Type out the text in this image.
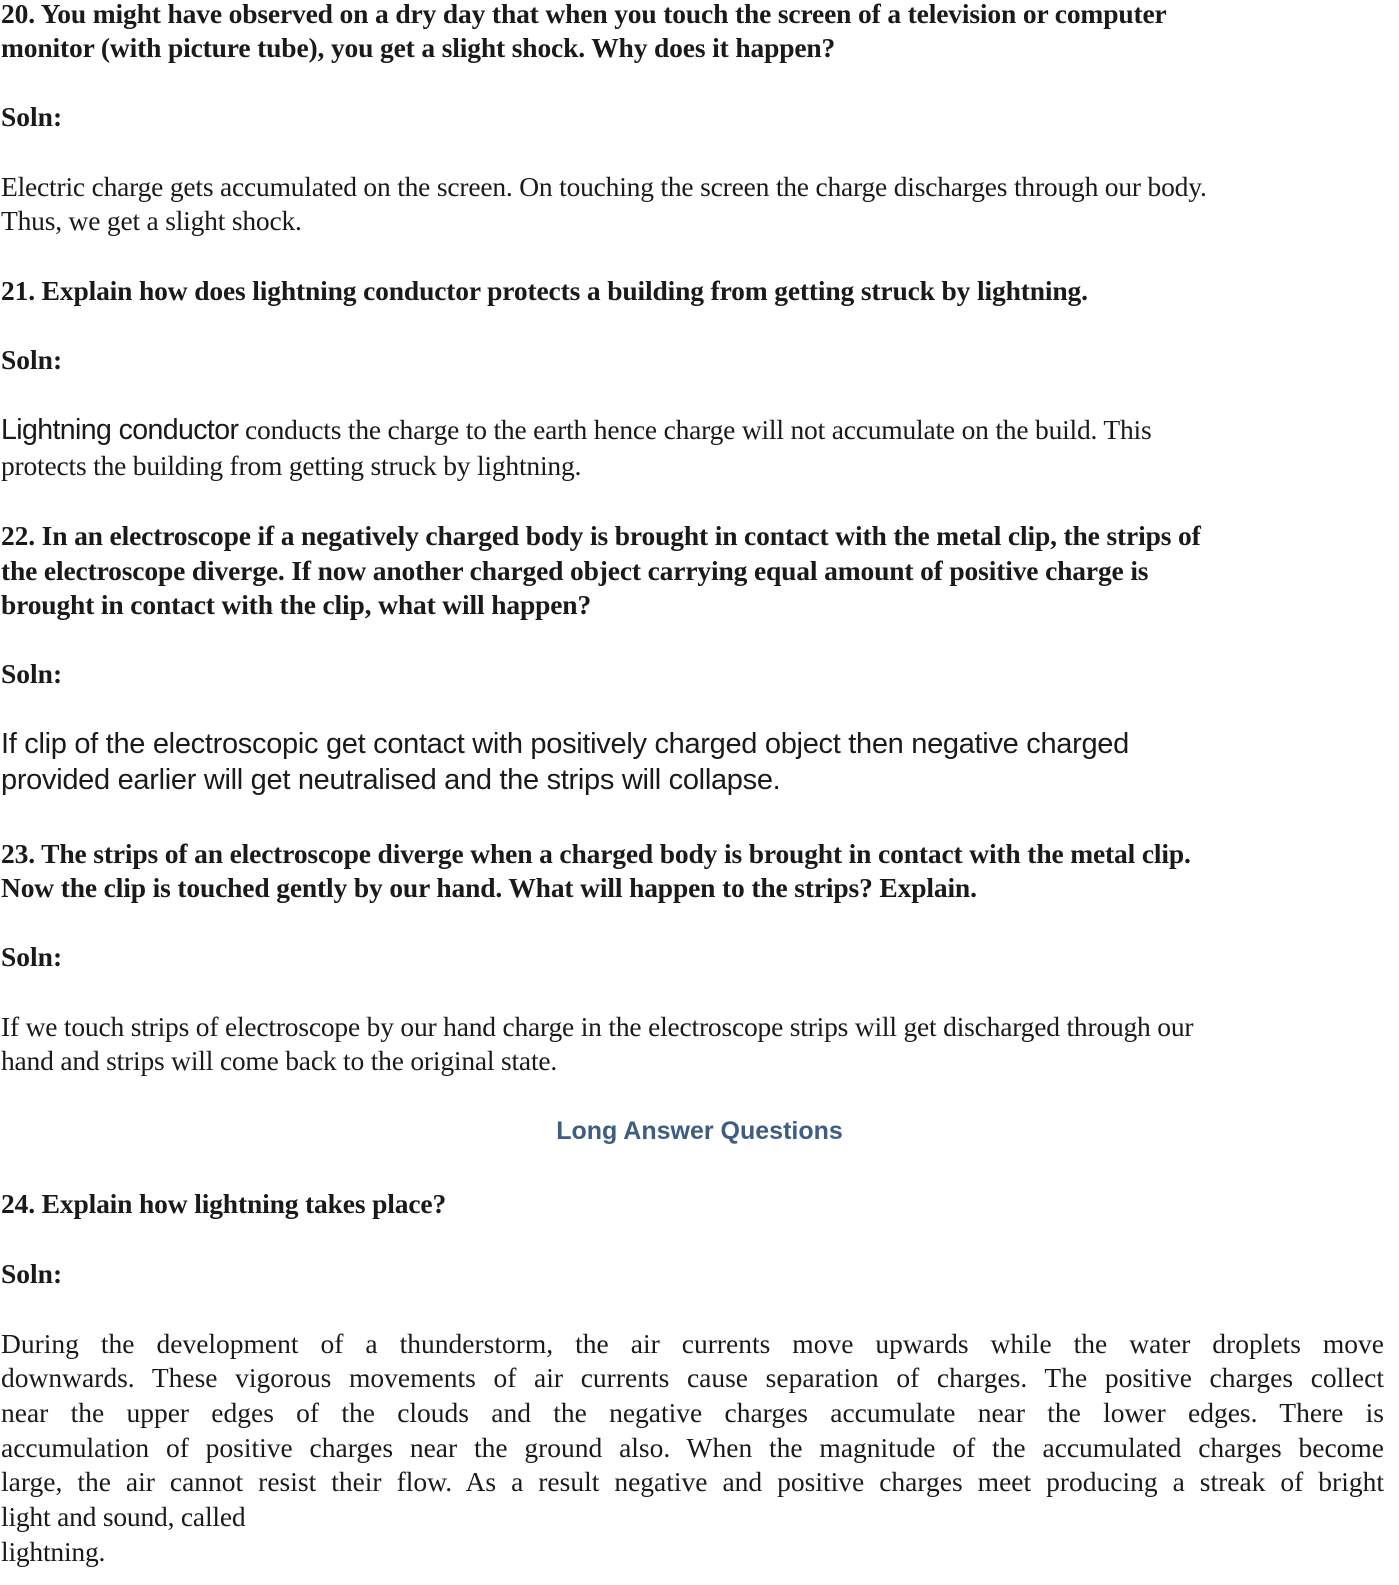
20. You might have observed on a dry day that when you touch the screen of a television or computer

monitor (with picture tube), you get a slight shock. Why does it happen?

Soln:

Electric charge gets accumulated on the screen. On touching the screen the charge discharges through our body.

Thus, we get a slight shock.

21. Explain how does lightning conductor protects a building from getting struck by lightning.

Soln:

Lightning conductor conducts the charge to the earth hence charge will not accumulate on the build. This

protects the building from getting struck by lightning.

22. In an electroscope if a negatively charged body is brought in contact with the metal clip, the strips of

the electroscope diverge. If now another charged object carrying equal amount of positive charge is

brought in contact with the clip, what will happen?

Soln:

If clip of the electroscopic get contact with positively charged object then negative charged

provided earlier will get neutralised and the strips will collapse.

23. The strips of an electroscope diverge when a charged body is brought in contact with the metal clip.

Now the clip is touched gently by our hand. What will happen to the strips? Explain.

Soln:

If we touch strips of electroscope by our hand charge in the electroscope strips will get discharged through our

hand and strips will come back to the original state.

Long Answer Questions

24. Explain how lightning takes place?

Soln:

During the development of a thunderstorm, the air currents move upwards while the water droplets move

downwards. These vigorous movements of air currents cause separation of charges. The positive charges collect

near the upper edges of the clouds and the negative charges accumulate near the lower edges. There is

accumulation of positive charges near the ground also. When the magnitude of the accumulated charges become

large, the air cannot resist their flow. As a result negative and positive charges meet producing a streak of bright

light and sound, called

lightning.
